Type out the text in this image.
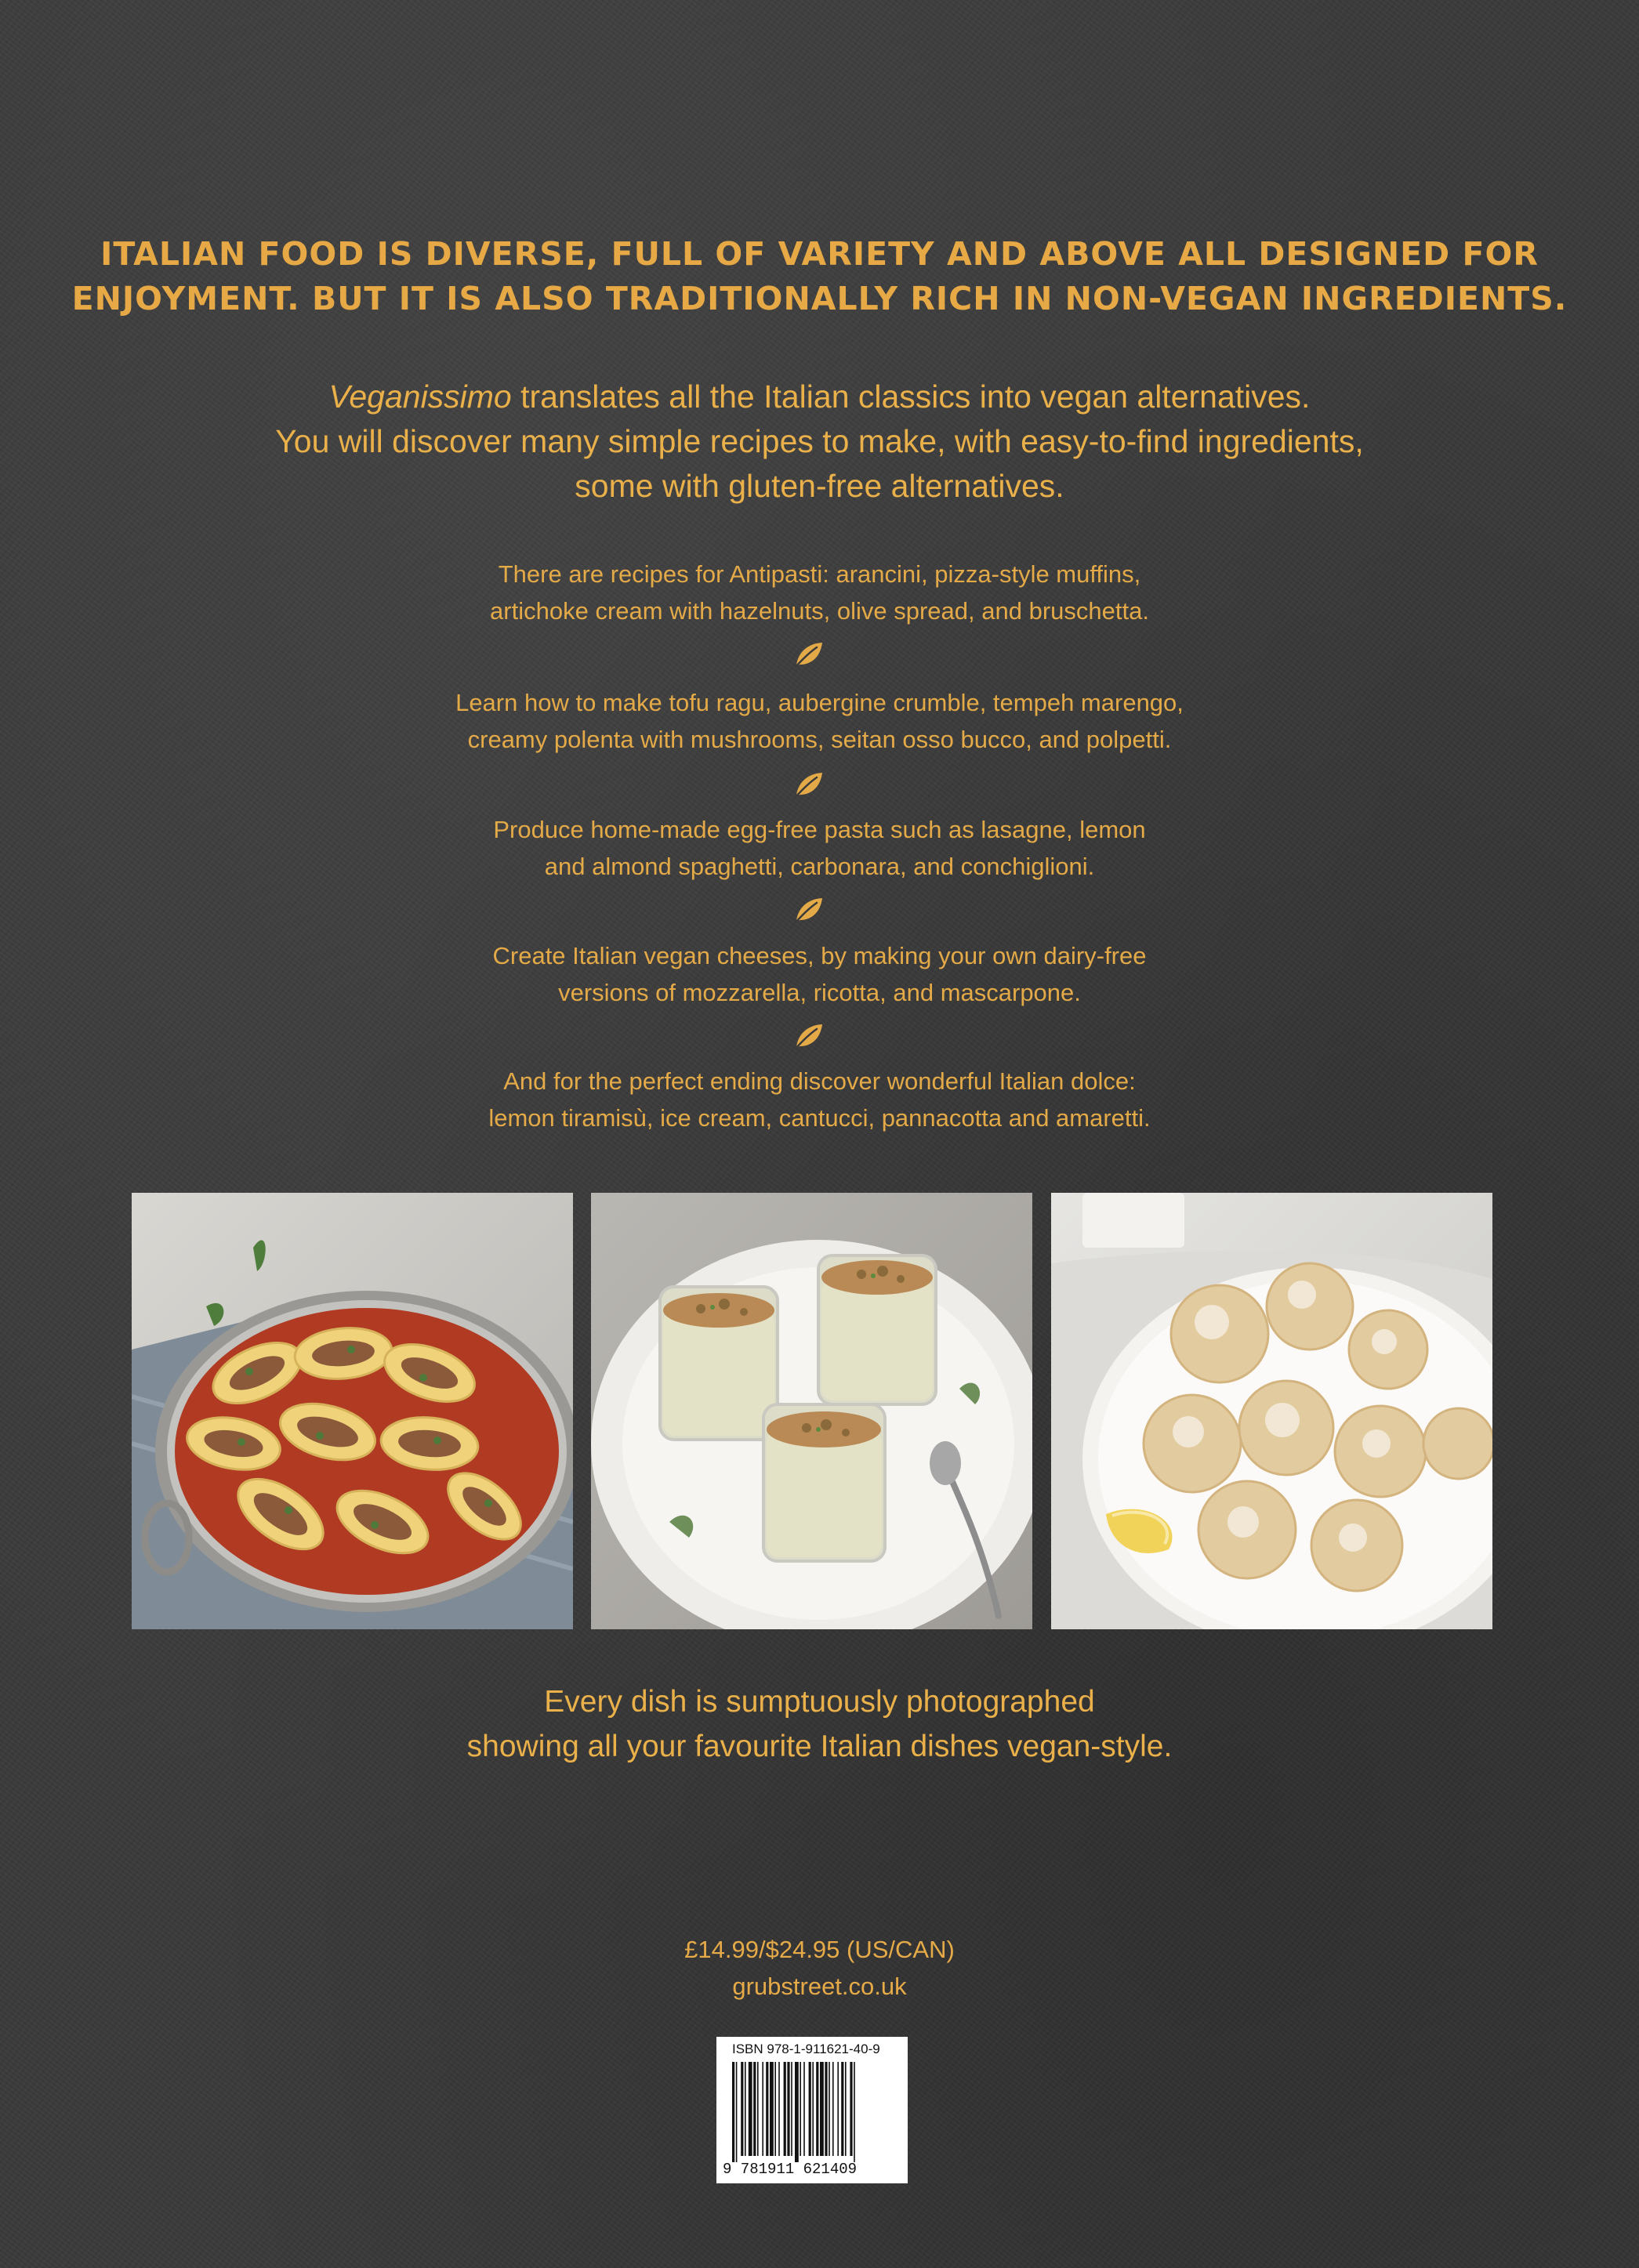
ITALIAN FOOD IS DIVERSE, FULL OF VARIETY AND ABOVE ALL DESIGNED FOR
ENJOYMENT. BUT IT IS ALSO TRADITIONALLY RICH IN NON-VEGAN INGREDIENTS.
Veganissimo translates all the Italian classics into vegan alternatives.
You will discover many simple recipes to make, with easy-to-find ingredients,
some with gluten-free alternatives.
There are recipes for Antipasti: arancini, pizza-style muffins,
artichoke cream with hazelnuts, olive spread, and bruschetta.
Learn how to make tofu ragu, aubergine crumble, tempeh marengo,
creamy polenta with mushrooms, seitan osso bucco, and polpetti.
Produce home-made egg-free pasta such as lasagne, lemon
and almond spaghetti, carbonara, and conchiglioni.
Create Italian vegan cheeses, by making your own dairy-free
versions of mozzarella, ricotta, and mascarpone.
And for the perfect ending discover wonderful Italian dolce:
lemon tiramisù, ice cream, cantucci, pannacotta and amaretti.
Every dish is sumptuously photographed
showing all your favourite Italian dishes vegan-style.
£14.99/$24.95 (US/CAN)
grubstreet.co.uk
ISBN 978-1-911621-40-9
9 781911 621409
